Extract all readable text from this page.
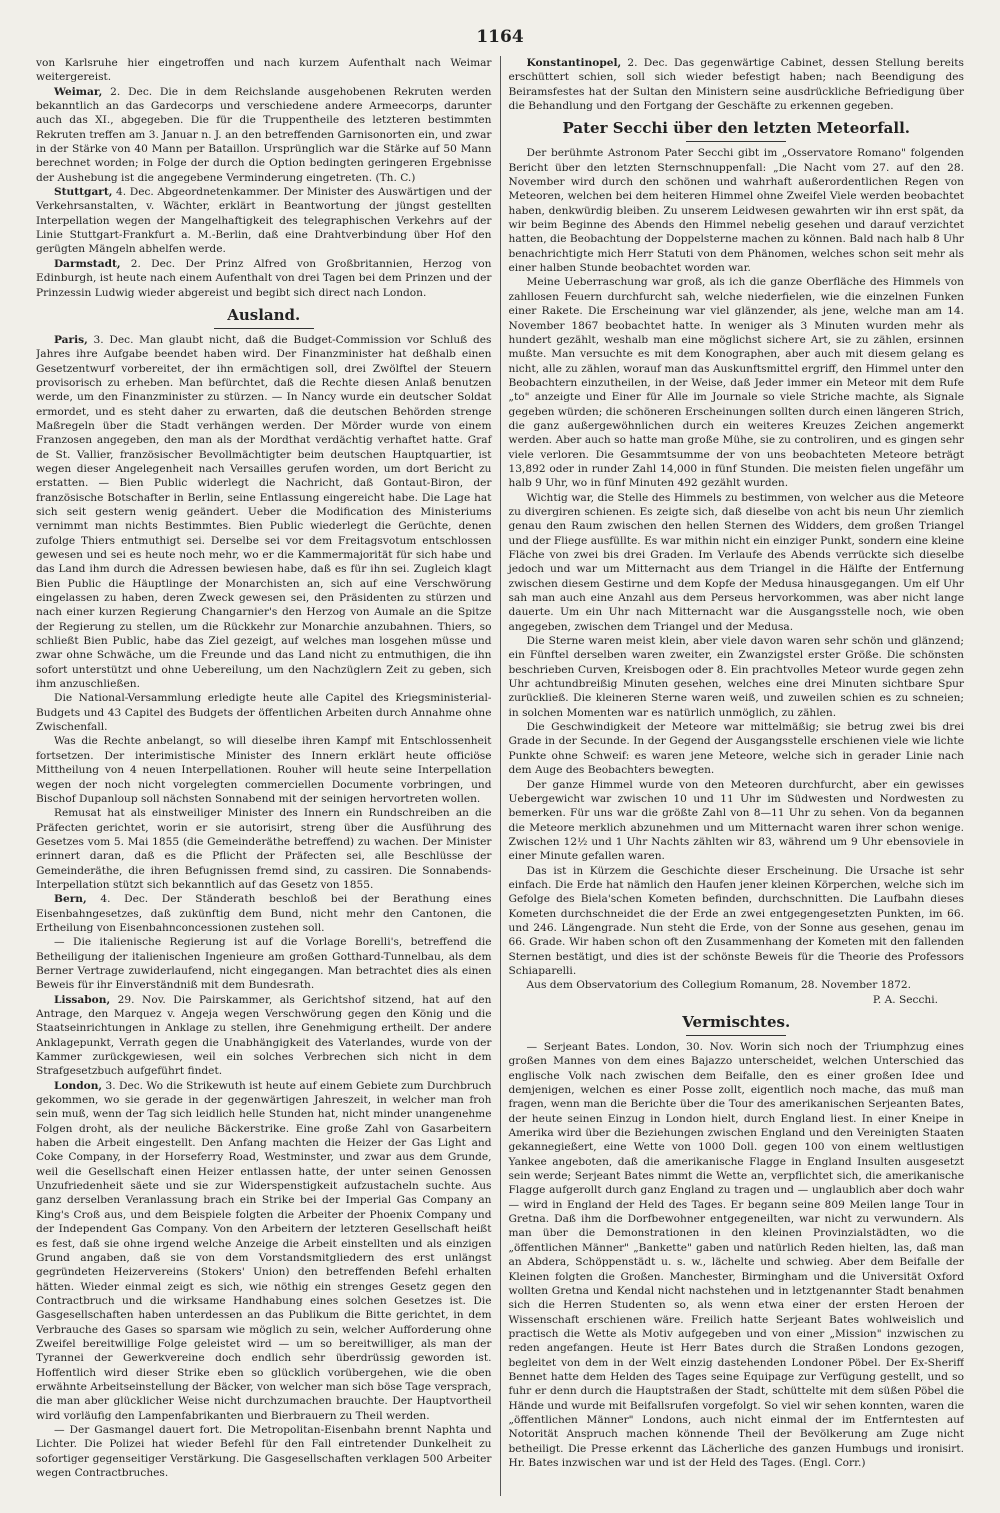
1164

von Karlsruhe hier eingetroffen und nach kurzem Aufenthalt nach Weimar weitergereist.

Weimar, 2. Dec. Die in dem Reichslande ausgehobenen Rekruten werden bekanntlich an das Gardecorps und verschiedene andere Armeecorps, darunter auch das XI., abgegeben. Die für die Truppentheile des letzteren bestimmten Rekruten treffen am 3. Januar n. J. an den betreffenden Garnisonorten ein, und zwar in der Stärke von 40 Mann per Bataillon. Ursprünglich war die Stärke auf 50 Mann berechnet worden; in Folge der durch die Option bedingten geringeren Ergebnisse der Aushebung ist die angegebene Verminderung eingetreten. (Th. C.)

Stuttgart, 4. Dec. Abgeordnetenkammer. Der Minister des Auswärtigen und der Verkehrsanstalten, v. Wächter, erklärt in Beantwortung der jüngst gestellten Interpellation wegen der Mangelhaftigkeit des telegraphischen Verkehrs auf der Linie Stuttgart-Frankfurt a. M.-Berlin, daß eine Drahtverbindung über Hof den gerügten Mängeln abhelfen werde.

Darmstadt, 2. Dec. Der Prinz Alfred von Großbritannien, Herzog von Edinburgh, ist heute nach einem Aufenthalt von drei Tagen bei dem Prinzen und der Prinzessin Ludwig wieder abgereist und begibt sich direct nach London.

Ausland.

Paris, 3. Dec. Man glaubt nicht, daß die Budget-Commission vor Schluß des Jahres ihre Aufgabe beendet haben wird. Der Finanzminister hat deßhalb einen Gesetzentwurf vorbereitet, der ihn ermächtigen soll, drei Zwölftel der Steuern provisorisch zu erheben. Man befürchtet, daß die Rechte diesen Anlaß benutzen werde, um den Finanzminister zu stürzen. — In Nancy wurde ein deutscher Soldat ermordet, und es steht daher zu erwarten, daß die deutschen Behörden strenge Maßregeln über die Stadt verhängen werden. Der Mörder wurde von einem Franzosen angegeben, den man als der Mordthat verdächtig verhaftet hatte. Graf de St. Vallier, französischer Bevollmächtigter beim deutschen Hauptquartier, ist wegen dieser Angelegenheit nach Versailles gerufen worden, um dort Bericht zu erstatten. — Bien Public widerlegt die Nachricht, daß Gontaut-Biron, der französische Botschafter in Berlin, seine Entlassung eingereicht habe. Die Lage hat sich seit gestern wenig geändert. Ueber die Modification des Ministeriums vernimmt man nichts Bestimmtes. Bien Public wiederlegt die Gerüchte, denen zufolge Thiers entmuthigt sei. Derselbe sei vor dem Freitagsvotum entschlossen gewesen und sei es heute noch mehr, wo er die Kammermajorität für sich habe und das Land ihm durch die Adressen bewiesen habe, daß es für ihn sei. Zugleich klagt Bien Public die Häuptlinge der Monarchisten an, sich auf eine Verschwörung eingelassen zu haben, deren Zweck gewesen sei, den Präsidenten zu stürzen und nach einer kurzen Regierung Changarnier's den Herzog von Aumale an die Spitze der Regierung zu stellen, um die Rückkehr zur Monarchie anzubahnen. Thiers, so schließt Bien Public, habe das Ziel gezeigt, auf welches man losgehen müsse und zwar ohne Schwäche, um die Freunde und das Land nicht zu entmuthigen, die ihn sofort unterstützt und ohne Uebereilung, um den Nachzüglern Zeit zu geben, sich ihm anzuschließen.

Die National-Versammlung erledigte heute alle Capitel des Kriegsministerial-Budgets und 43 Capitel des Budgets der öffentlichen Arbeiten durch Annahme ohne Zwischenfall.

Was die Rechte anbelangt, so will dieselbe ihren Kampf mit Entschlossenheit fortsetzen. Der interimistische Minister des Innern erklärt heute officiöse Mittheilung von 4 neuen Interpellationen. Rouher will heute seine Interpellation wegen der noch nicht vorgelegten commerciellen Documente vorbringen, und Bischof Dupanloup soll nächsten Sonnabend mit der seinigen hervortreten wollen.

Remusat hat als einstweiliger Minister des Innern ein Rundschreiben an die Präfecten gerichtet, worin er sie autorisirt, streng über die Ausführung des Gesetzes vom 5. Mai 1855 (die Gemeinderäthe betreffend) zu wachen. Der Minister erinnert daran, daß es die Pflicht der Präfecten sei, alle Beschlüsse der Gemeinderäthe, die ihren Befugnissen fremd sind, zu cassiren. Die Sonnabends-Interpellation stützt sich bekanntlich auf das Gesetz von 1855.

Bern, 4. Dec. Der Ständerath beschloß bei der Berathung eines Eisenbahngesetzes, daß zukünftig dem Bund, nicht mehr den Cantonen, die Ertheilung von Eisenbahnconcessionen zustehen soll.

— Die italienische Regierung ist auf die Vorlage Borelli's, betreffend die Betheiligung der italienischen Ingenieure am großen Gotthard-Tunnelbau, als dem Berner Vertrage zuwiderlaufend, nicht eingegangen. Man betrachtet dies als einen Beweis für ihr Einverständniß mit dem Bundesrath.

Lissabon, 29. Nov. Die Pairskammer, als Gerichtshof sitzend, hat auf den Antrage, den Marquez v. Angeja wegen Verschwörung gegen den König und die Staatseinrichtungen in Anklage zu stellen, ihre Genehmigung ertheilt. Der andere Anklagepunkt, Verrath gegen die Unabhängigkeit des Vaterlandes, wurde von der Kammer zurückgewiesen, weil ein solches Verbrechen sich nicht in dem Strafgesetzbuch aufgeführt findet.

London, 3. Dec. Wo die Strikewuth ist heute auf einem Gebiete zum Durchbruch gekommen, wo sie gerade in der gegenwärtigen Jahreszeit, in welcher man froh sein muß, wenn der Tag sich leidlich helle Stunden hat, nicht minder unangenehme Folgen droht, als der neuliche Bäckerstrike. Eine große Zahl von Gasarbeitern haben die Arbeit eingestellt. Den Anfang machten die Heizer der Gas Light and Coke Company, in der Horseferry Road, Westminster, und zwar aus dem Grunde, weil die Gesellschaft einen Heizer entlassen hatte, der unter seinen Genossen Unzufriedenheit säete und sie zur Widerspenstigkeit aufzustacheln suchte. Aus ganz derselben Veranlassung brach ein Strike bei der Imperial Gas Company an King's Croß aus, und dem Beispiele folgten die Arbeiter der Phoenix Company und der Independent Gas Company. Von den Arbeitern der letzteren Gesellschaft heißt es fest, daß sie ohne irgend welche Anzeige die Arbeit einstellten und als einzigen Grund angaben, daß sie von dem Vorstandsmitgliedern des erst unlängst gegründeten Heizervereins (Stokers' Union) den betreffenden Befehl erhalten hätten. Wieder einmal zeigt es sich, wie nöthig ein strenges Gesetz gegen den Contractbruch und die wirksame Handhabung eines solchen Gesetzes ist. Die Gasgesellschaften haben unterdessen an das Publikum die Bitte gerichtet, in dem Verbrauche des Gases so sparsam wie möglich zu sein, welcher Aufforderung ohne Zweifel bereitwillige Folge geleistet wird — um so bereitwilliger, als man der Tyrannei der Gewerkvereine doch endlich sehr überdrüssig geworden ist. Hoffentlich wird dieser Strike eben so glücklich vorübergehen, wie die oben erwähnte Arbeitseinstellung der Bäcker, von welcher man sich böse Tage versprach, die man aber glücklicher Weise nicht durchzumachen brauchte. Der Hauptvortheil wird vorläufig den Lampenfabrikanten und Bierbrauern zu Theil werden.

— Der Gasmangel dauert fort. Die Metropolitan-Eisenbahn brennt Naphta und Lichter. Die Polizei hat wieder Befehl für den Fall eintretender Dunkelheit zu sofortiger gegenseitiger Verstärkung. Die Gasgesellschaften verklagen 500 Arbeiter wegen Contractbruches.

Konstantinopel, 2. Dec. Das gegenwärtige Cabinet, dessen Stellung bereits erschüttert schien, soll sich wieder befestigt haben; nach Beendigung des Beiramsfestes hat der Sultan den Ministern seine ausdrückliche Befriedigung über die Behandlung und den Fortgang der Geschäfte zu erkennen gegeben.

Pater Secchi über den letzten Meteorfall.

Der berühmte Astronom Pater Secchi gibt im „Osservatore Romano" folgenden Bericht über den letzten Sternschnuppenfall: „Die Nacht vom 27. auf den 28. November wird durch den schönen und wahrhaft außerordentlichen Regen von Meteoren, welchen bei dem heiteren Himmel ohne Zweifel Viele werden beobachtet haben, denkwürdig bleiben. Zu unserem Leidwesen gewahrten wir ihn erst spät, da wir beim Beginne des Abends den Himmel nebelig gesehen und darauf verzichtet hatten, die Beobachtung der Doppelsterne machen zu können. Bald nach halb 8 Uhr benachrichtigte mich Herr Statuti von dem Phänomen, welches schon seit mehr als einer halben Stunde beobachtet worden war.

Meine Ueberraschung war groß, als ich die ganze Oberfläche des Himmels von zahllosen Feuern durchfurcht sah, welche niederfielen, wie die einzelnen Funken einer Rakete. Die Erscheinung war viel glänzender, als jene, welche man am 14. November 1867 beobachtet hatte. In weniger als 3 Minuten wurden mehr als hundert gezählt, weshalb man eine möglichst sichere Art, sie zu zählen, ersinnen mußte. Man versuchte es mit dem Konographen, aber auch mit diesem gelang es nicht, alle zu zählen, worauf man das Auskunftsmittel ergriff, den Himmel unter den Beobachtern einzutheilen, in der Weise, daß Jeder immer ein Meteor mit dem Rufe „to" anzeigte und Einer für Alle im Journale so viele Striche machte, als Signale gegeben würden; die schöneren Erscheinungen sollten durch einen längeren Strich, die ganz außergewöhnlichen durch ein weiteres Kreuzes Zeichen angemerkt werden. Aber auch so hatte man große Mühe, sie zu controliren, und es gingen sehr viele verloren. Die Gesammtsumme der von uns beobachteten Meteore beträgt 13,892 oder in runder Zahl 14,000 in fünf Stunden. Die meisten fielen ungefähr um halb 9 Uhr, wo in fünf Minuten 492 gezählt wurden.

Wichtig war, die Stelle des Himmels zu bestimmen, von welcher aus die Meteore zu divergiren schienen. Es zeigte sich, daß dieselbe von acht bis neun Uhr ziemlich genau den Raum zwischen den hellen Sternen des Widders, dem großen Triangel und der Fliege ausfüllte. Es war mithin nicht ein einziger Punkt, sondern eine kleine Fläche von zwei bis drei Graden. Im Verlaufe des Abends verrückte sich dieselbe jedoch und war um Mitternacht aus dem Triangel in die Hälfte der Entfernung zwischen diesem Gestirne und dem Kopfe der Medusa hinausgegangen. Um elf Uhr sah man auch eine Anzahl aus dem Perseus hervorkommen, was aber nicht lange dauerte. Um ein Uhr nach Mitternacht war die Ausgangsstelle noch, wie oben angegeben, zwischen dem Triangel und der Medusa.

Die Sterne waren meist klein, aber viele davon waren sehr schön und glänzend; ein Fünftel derselben waren zweiter, ein Zwanzigstel erster Größe. Die schönsten beschrieben Curven, Kreisbogen oder 8. Ein prachtvolles Meteor wurde gegen zehn Uhr achtundbreißig Minuten gesehen, welches eine drei Minuten sichtbare Spur zurückließ. Die kleineren Sterne waren weiß, und zuweilen schien es zu schneien; in solchen Momenten war es natürlich unmöglich, zu zählen.

Die Geschwindigkeit der Meteore war mittelmäßig; sie betrug zwei bis drei Grade in der Secunde. In der Gegend der Ausgangsstelle erschienen viele wie lichte Punkte ohne Schweif: es waren jene Meteore, welche sich in gerader Linie nach dem Auge des Beobachters bewegten.

Der ganze Himmel wurde von den Meteoren durchfurcht, aber ein gewisses Uebergewicht war zwischen 10 und 11 Uhr im Südwesten und Nordwesten zu bemerken. Für uns war die größte Zahl von 8—11 Uhr zu sehen. Von da begannen die Meteore merklich abzunehmen und um Mitternacht waren ihrer schon wenige. Zwischen 12½ und 1 Uhr Nachts zählten wir 83, während um 9 Uhr ebensoviele in einer Minute gefallen waren.

Das ist in Kürzem die Geschichte dieser Erscheinung. Die Ursache ist sehr einfach. Die Erde hat nämlich den Haufen jener kleinen Körperchen, welche sich im Gefolge des Biela'schen Kometen befinden, durchschnitten. Die Laufbahn dieses Kometen durchschneidet die der Erde an zwei entgegengesetzten Punkten, im 66. und 246. Längengrade. Nun steht die Erde, von der Sonne aus gesehen, genau im 66. Grade. Wir haben schon oft den Zusammenhang der Kometen mit den fallenden Sternen bestätigt, und dies ist der schönste Beweis für die Theorie des Professors Schiaparelli.

Aus dem Observatorium des Collegium Romanum, 28. November 1872.

P. A. Secchi.

Vermischtes.

— Serjeant Bates. London, 30. Nov. Worin sich noch der Triumphzug eines großen Mannes von dem eines Bajazzo unterscheidet, welchen Unterschied das englische Volk nach zwischen dem Beifalle, den es einer großen Idee und demjenigen, welchen es einer Posse zollt, eigentlich noch mache, das muß man fragen, wenn man die Berichte über die Tour des amerikanischen Serjeanten Bates, der heute seinen Einzug in London hielt, durch England liest. In einer Kneipe in Amerika wird über die Beziehungen zwischen England und den Vereinigten Staaten gekannegießert, eine Wette von 1000 Doll. gegen 100 von einem weltlustigen Yankee angeboten, daß die amerikanische Flagge in England Insulten ausgesetzt sein werde; Serjeant Bates nimmt die Wette an, verpflichtet sich, die amerikanische Flagge aufgerollt durch ganz England zu tragen und — unglaublich aber doch wahr — wird in England der Held des Tages. Er begann seine 809 Meilen lange Tour in Gretna. Daß ihm die Dorfbewohner entgegeneilten, war nicht zu verwundern. Als man über die Demonstrationen in den kleinen Provinzialstädten, wo die „öffentlichen Männer" „Bankette" gaben und natürlich Reden hielten, las, daß man an Abdera, Schöppenstädt u. s. w., lächelte und schwieg. Aber dem Beifalle der Kleinen folgten die Großen. Manchester, Birmingham und die Universität Oxford wollten Gretna und Kendal nicht nachstehen und in letztgenannter Stadt benahmen sich die Herren Studenten so, als wenn etwa einer der ersten Heroen der Wissenschaft erschienen wäre. Freilich hatte Serjeant Bates wohlweislich und practisch die Wette als Motiv aufgegeben und von einer „Mission" inzwischen zu reden angefangen. Heute ist Herr Bates durch die Straßen Londons gezogen, begleitet von dem in der Welt einzig dastehenden Londoner Pöbel. Der Ex-Sheriff Bennet hatte dem Helden des Tages seine Equipage zur Verfügung gestellt, und so fuhr er denn durch die Hauptstraßen der Stadt, schüttelte mit dem süßen Pöbel die Hände und wurde mit Beifallsrufen vorgefolgt. So viel wir sehen konnten, waren die „öffentlichen Männer" Londons, auch nicht einmal der im Entferntesten auf Notorität Anspruch machen könnende Theil der Bevölkerung am Zuge nicht betheiligt. Die Presse erkennt das Lächerliche des ganzen Humbugs und ironisirt. Hr. Bates inzwischen war und ist der Held des Tages. (Engl. Corr.)
